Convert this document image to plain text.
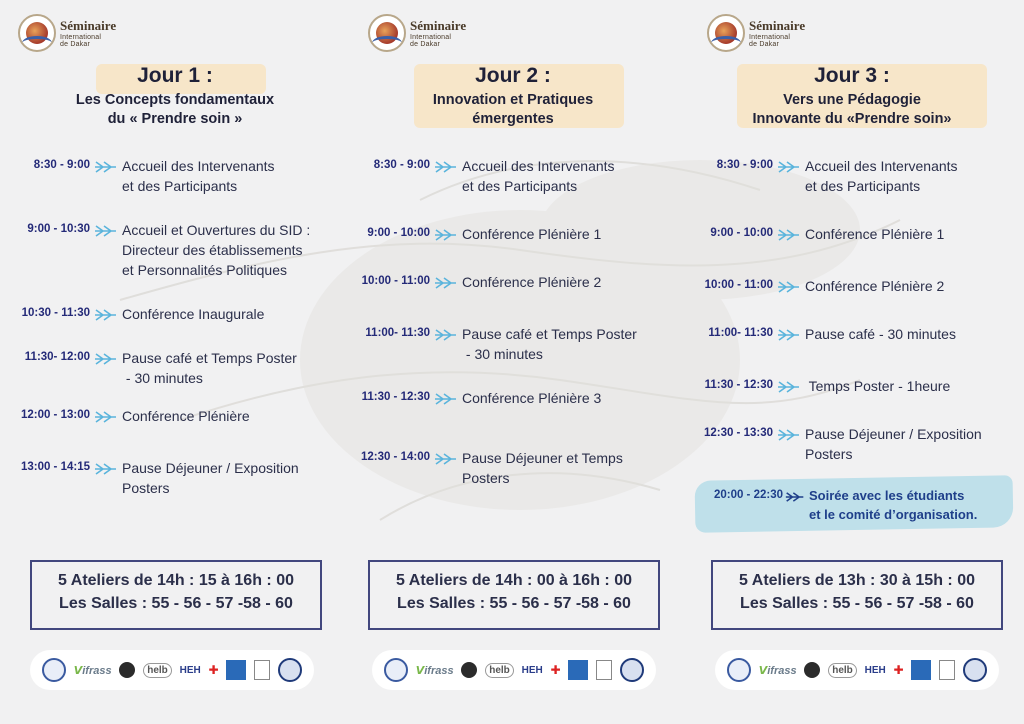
Séminaire
International
de Dakar
Jour 1 :
Les Concepts fondamentaux
du « Prendre soin »
8:30 - 9:00 Accueil des Intervenants
et des Participants
9:00 - 10:30 Accueil et Ouvertures du SID :
Directeur des établissements
et Personnalités Politiques
10:30 - 11:30 Conférence Inaugurale
11:30- 12:00 Pause café et Temps Poster
- 30 minutes
12:00 - 13:00 Conférence Plénière
13:00 - 14:15 Pause Déjeuner / Exposition
Posters
5 Ateliers de 14h : 15 à 16h : 00
Les Salles : 55 - 56 - 57 -58 - 60
Ⅴifrass	helb	HEH ✚
Séminaire
International
de Dakar
Jour 2 :
Innovation et Pratiques
émergentes
8:30 - 9:00 Accueil des Intervenants
et des Participants
9:00 - 10:00 Conférence Plénière 1
10:00 - 11:00 Conférence Plénière 2
11:00- 11:30 Pause café et Temps Poster
- 30 minutes
11:30 - 12:30 Conférence Plénière 3
12:30 - 14:00 Pause Déjeuner et Temps
Posters
5 Ateliers de 14h : 00 à 16h : 00
Les Salles : 55 - 56 - 57 -58 - 60
Ⅴifrass	helb	HEH ✚
Séminaire
International
de Dakar
Jour 3 :
Vers une Pédagogie
Innovante du «Prendre soin»
8:30 - 9:00 Accueil des Intervenants
et des Participants
9:00 - 10:00 Conférence Plénière 1
10:00 - 11:00 Conférence Plénière 2
11:00- 11:30 Pause café - 30 minutes
11:30 - 12:30 Temps Poster - 1heure
12:30 - 13:30 Pause Déjeuner / Exposition
Posters
20:00 - 22:30 Soirée avec les étudiants
et le comité d’organisation.
5 Ateliers de 13h : 30 à 15h : 00
Les Salles : 55 - 56 - 57 -58 - 60
Ⅴifrass	helb	HEH ✚
